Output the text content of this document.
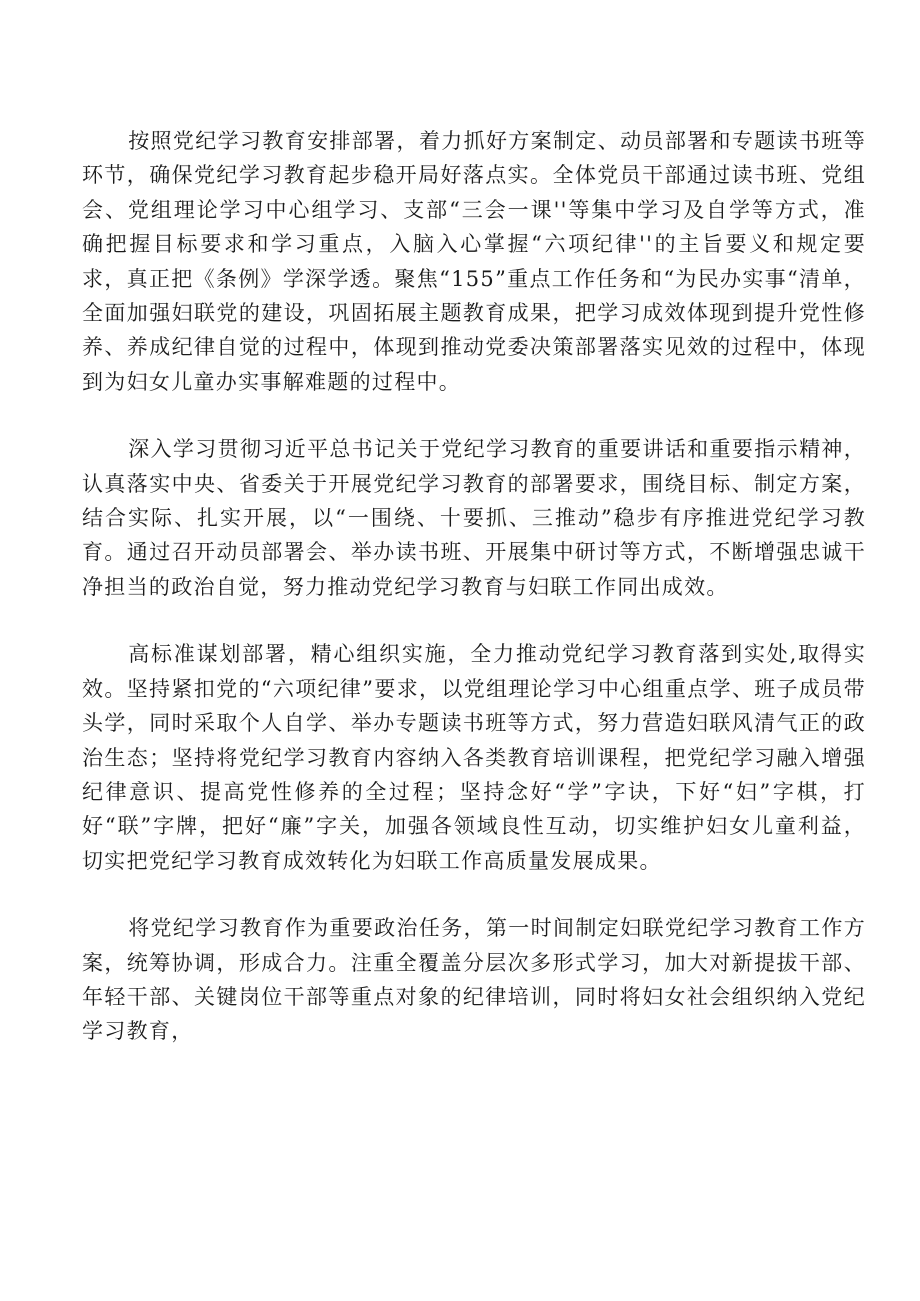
按照党纪学习教育安排部署，着力抓好方案制定、动员部署和专题读书班等环节，确保党纪学习教育起步稳开局好落点实。全体党员干部通过读书班、党组会、党组理论学习中心组学习、支部“三会一课''等集中学习及自学等方式，准确把握目标要求和学习重点，入脑入心掌握“六项纪律''的主旨要义和规定要求，真正把《条例》学深学透。聚焦“155”重点工作任务和“为民办实事“清单，全面加强妇联党的建设，巩固拓展主题教育成果，把学习成效体现到提升党性修养、养成纪律自觉的过程中，体现到推动党委决策部署落实见效的过程中，体现到为妇女儿童办实事解难题的过程中。

深入学习贯彻习近平总书记关于党纪学习教育的重要讲话和重要指示精神，认真落实中央、省委关于开展党纪学习教育的部署要求，围绕目标、制定方案，结合实际、扎实开展，以“一围绕、十要抓、三推动”稳步有序推进党纪学习教育。通过召开动员部署会、举办读书班、开展集中研讨等方式，不断增强忠诚干净担当的政治自觉，努力推动党纪学习教育与妇联工作同出成效。

高标准谋划部署，精心组织实施，全力推动党纪学习教育落到实处,取得实效。坚持紧扣党的“六项纪律”要求，以党组理论学习中心组重点学、班子成员带头学，同时采取个人自学、举办专题读书班等方式，努力营造妇联风清气正的政治生态；坚持将党纪学习教育内容纳入各类教育培训课程，把党纪学习融入增强纪律意识、提高党性修养的全过程；坚持念好“学”字诀，下好“妇”字棋，打好“联”字牌，把好“廉”字关，加强各领域良性互动，切实维护妇女儿童利益，切实把党纪学习教育成效转化为妇联工作高质量发展成果。

将党纪学习教育作为重要政治任务，第一时间制定妇联党纪学习教育工作方案，统筹协调，形成合力。注重全覆盖分层次多形式学习，加大对新提拔干部、年轻干部、关键岗位干部等重点对象的纪律培训，同时将妇女社会组织纳入党纪学习教育，
